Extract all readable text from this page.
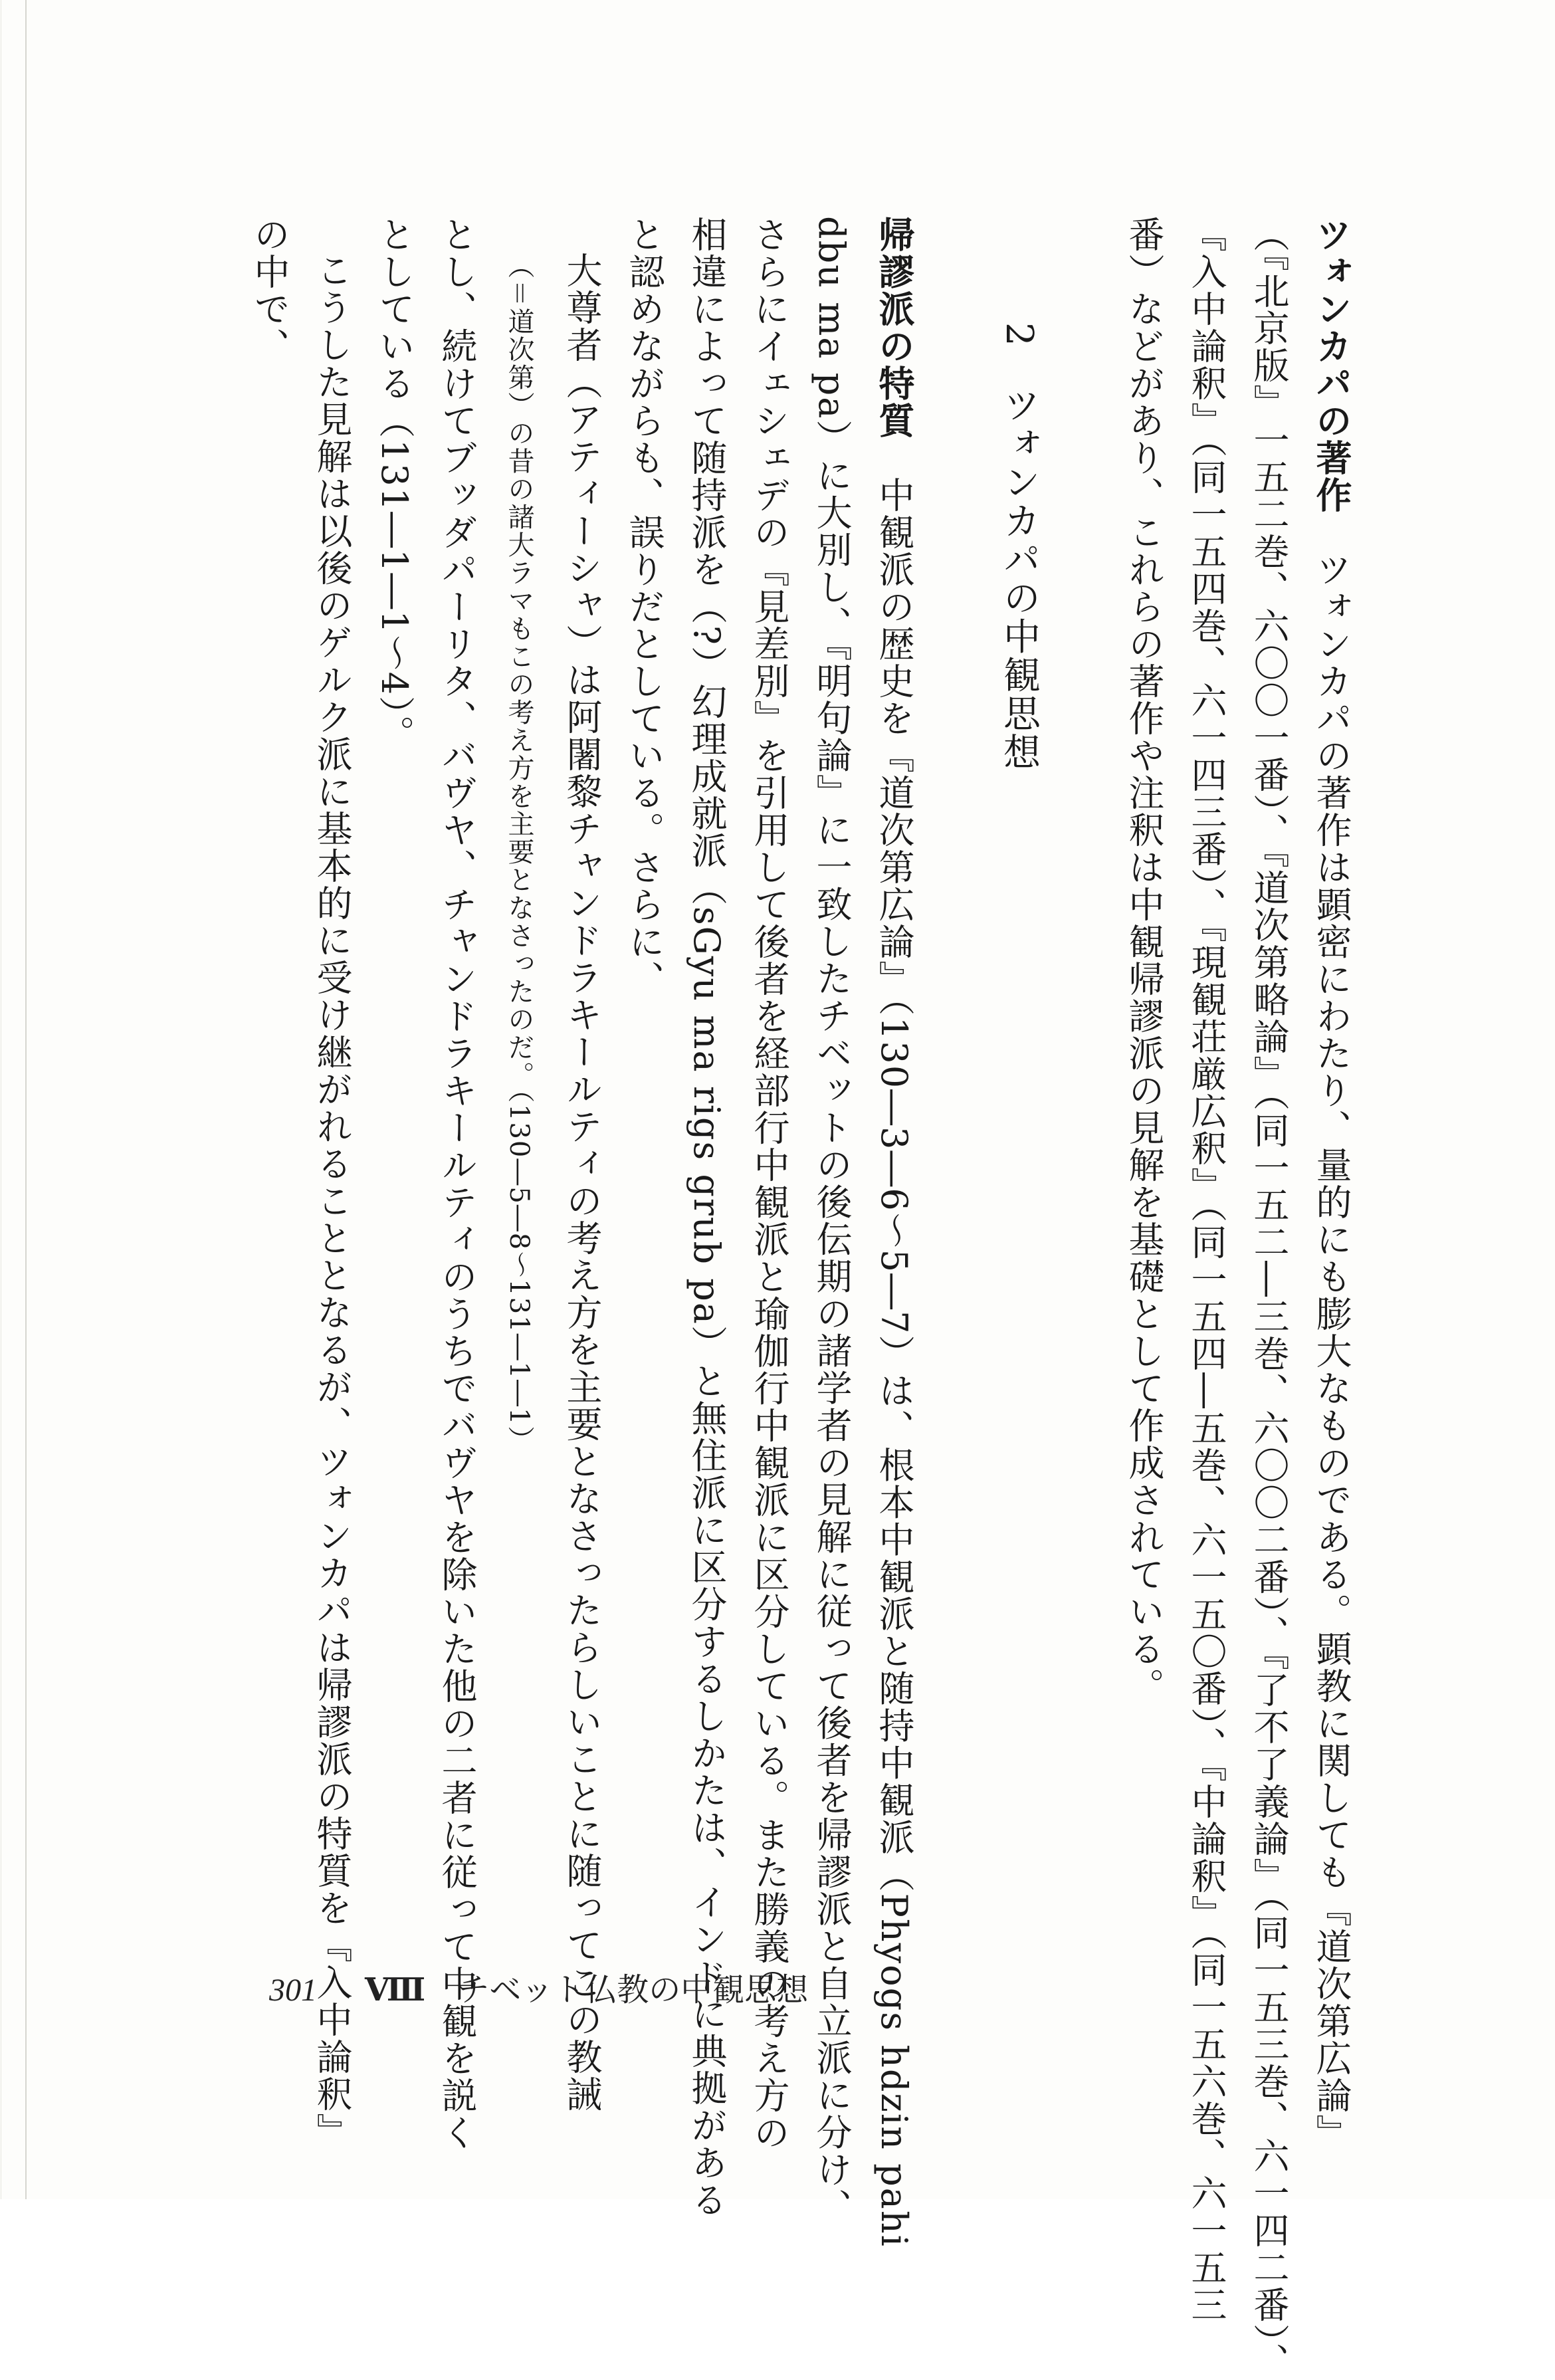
ツォンカパの著作　ツォンカパの著作は顕密にわたり、量的にも膨大なものである。顕教に関しても『道次第広論』

（『北京版』一五二巻、六〇〇一番）、『道次第略論』（同一五二―三巻、六〇〇二番）、『了不了義論』（同一五三巻、六一四二番）、

『入中論釈』（同一五四巻、六一四三番）、『現観荘厳広釈』（同一五四―五巻、六一五〇番）、『中論釈』（同一五六巻、六一五三

番）などがあり、これらの著作や注釈は中観帰謬派の見解を基礎として作成されている。

2　ツォンカパの中観思想

帰謬派の特質　中観派の歴史を『道次第広論』（130―3―6〜5―7）は、根本中観派と随持中観派（Phyogs hdzin pahi

dbu ma pa）に大別し、『明句論』に一致したチベットの後伝期の諸学者の見解に従って後者を帰謬派と自立派に分け、

さらにイェシェデの『見差別』を引用して後者を経部行中観派と瑜伽行中観派に区分している。また勝義の考え方の

相違によって随持派を（?）幻理成就派（sGyu ma rigs grub pa）と無住派に区分するしかたは、インドに典拠がある

と認めながらも、誤りだとしている。さらに、

大尊者（アティーシャ）は阿闍黎チャンドラキールティの考え方を主要となさったらしいことに随ってこの教誡

（＝道次第）の昔の諸大ラマもこの考え方を主要となさったのだ。（130―5―8〜131―1―1）

とし、続けてブッダパーリタ、バヴヤ、チャンドラキールティのうちでバヴヤを除いた他の二者に従って中観を説く

としている（131―1―1〜4）。

こうした見解は以後のゲルク派に基本的に受け継がれることとなるが、ツォンカパは帰謬派の特質を『入中論釈』

の中で、

301 Ⅷ チベット仏教の中観思想
